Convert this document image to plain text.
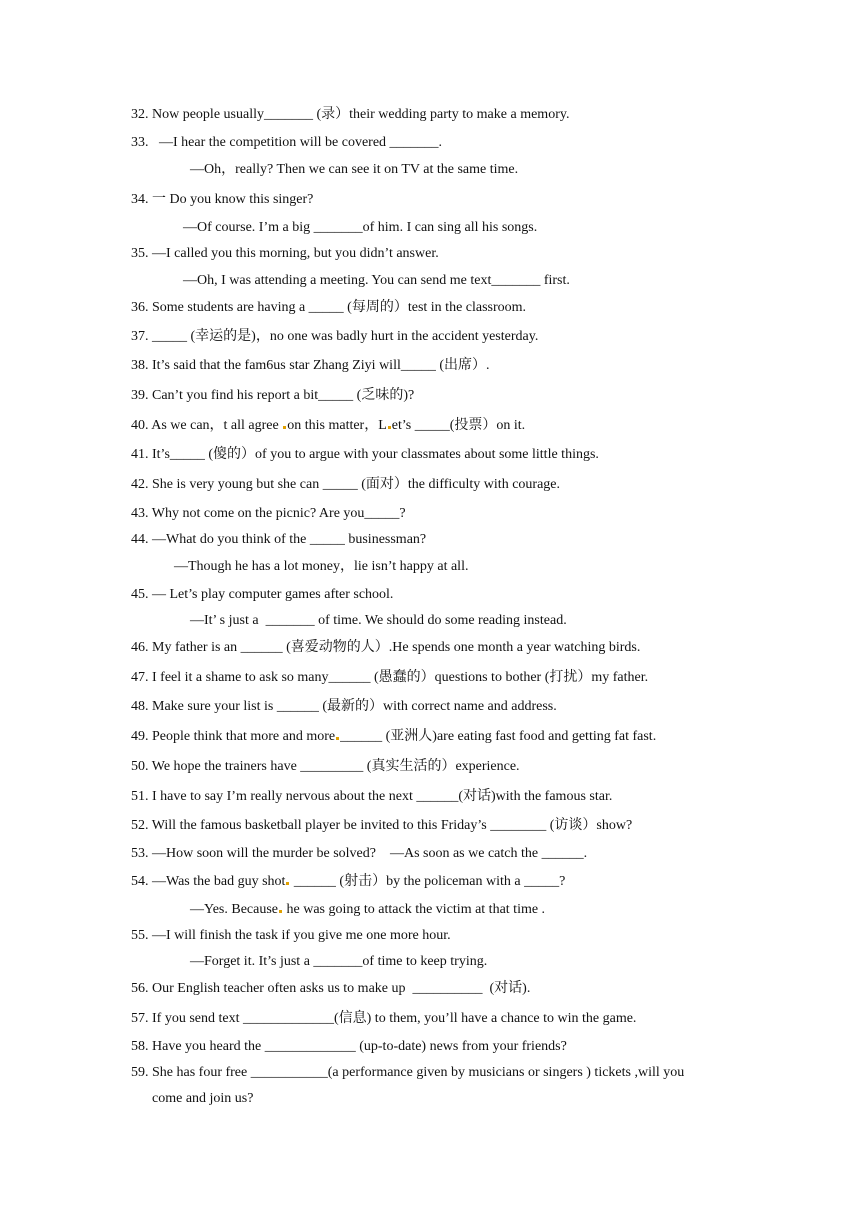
32. Now people usually_______ (录）their wedding party to make a memory.
33.   —I hear the competition will be covered _______.
—Oh，really? Then we can see it on TV at the same time.
34. 一 Do you know this singer?
—Of course. I’m a big _______of him. I can sing all his songs.
35. —I called you this morning, but you didn’t answer.
—Oh, I was attending a meeting. You can send me text_______ first.
36. Some students are having a _____ (每周的）test in the classroom.
37. _____ (幸运的是)，no one was badly hurt in the accident yesterday.
38. It’s said that the fam6us star Zhang Ziyi will_____ (出席）.
39. Can’t you find his report a bit_____ (乏味的)?
40. As we can，t all agree on this matter，L et’s _____(投票）on it.
41. It’s_____ (傻的）of you to argue with your classmates about some little things.
42. She is very young but she can _____ (面对）the difficulty with courage.
43. Why not come on the picnic? Are you_____?
44. —What do you think of the _____ businessman?
—Though he has a lot money，lie isn’t happy at all.
45. — Let’s play computer games after school.
—It’ s just a  _______ of time. We should do some reading instead.
46. My father is an ______ (喜爱动物的人）.He spends one month a year watching birds.
47. I feel it a shame to ask so many______ (愚蠢的）questions to bother (打扰）my father.
48. Make sure your list is ______ (最新的）with correct name and address.
49. People think that more and more ______ (亚洲人)are eating fast food and getting fat fast.
50. We hope the trainers have _________ (真实生活的）experience.
51. I have to say I’m really nervous about the next ______(对话)with the famous star.
52. Will the famous basketball player be invited to this Friday’s ________ (访谈）show?
53. —How soon will the murder be solved?    —As soon as we catch the ______.
54. —Was the bad guy shot ______ (射击）by the policeman with a _____?
—Yes. Because he was going to attack the victim at that time .
55. —I will finish the task if you give me one more hour.
—Forget it. It’s just a _______of time to keep trying.
56. Our English teacher often asks us to make up  __________  (对话).
57. If you send text _____________(信息) to them, you’ll have a chance to win the game.
58. Have you heard the _____________ (up-to-date) news from your friends?
59. She has four free ___________(a performance given by musicians or singers ) tickets ,will you
come and join us?
